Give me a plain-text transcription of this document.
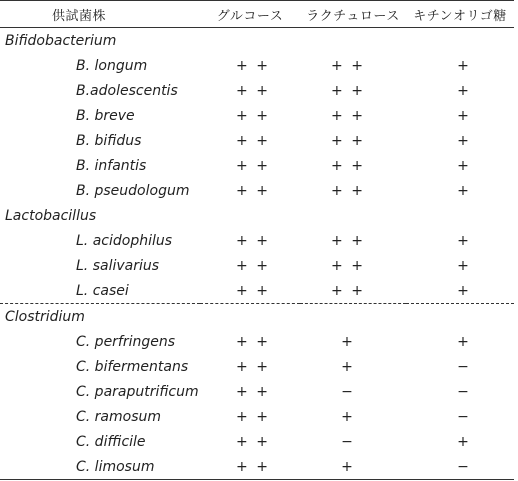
供試菌株	グルコース	ラクチュロース	キチンオリゴ糖
Bifidobacterium			
B. longum	+ +	+ +	+
B.adolescentis	+ +	+ +	+
B. breve	+ +	+ +	+
B. bifidus	+ +	+ +	+
B. infantis	+ +	+ +	+
B. pseudologum	+ +	+ +	+
Lactobacillus			
L. acidophilus	+ +	+ +	+
L. salivarius	+ +	+ +	+
L. casei	+ +	+ +	+
Clostridium			
C. perfringens	+ +	+	+
C. bifermentans	+ +	+	−
C. paraputrificum	+ +	−	−
C. ramosum	+ +	+	−
C. difficile	+ +	−	+
C. limosum	+ +	+	−
